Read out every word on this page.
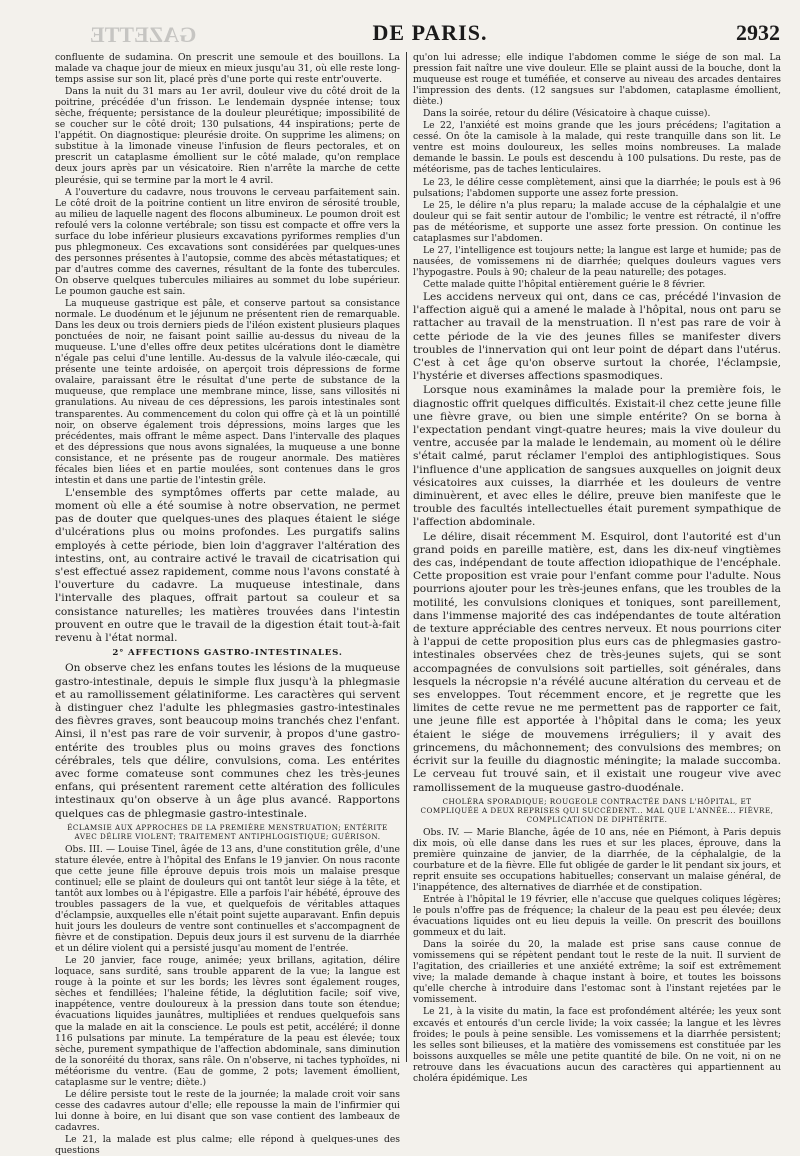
GAZETTE	DE PARIS.	2932

confluente de sudamina. On prescrit une semoule et des bouillons. La malade va chaque jour de mieux en mieux jusqu'au 31, où elle reste long-temps assise sur son lit, placé près d'une porte qui reste entr'ouverte.

Dans la nuit du 31 mars au 1er avril, douleur vive du côté droit de la poitrine, précédée d'un frisson. Le lendemain dyspnée intense; toux sèche, fréquente; persistance de la douleur pleurétique; impossibilité de se coucher sur le côté droit; 130 pulsations, 44 inspirations; perte de l'appétit. On diagnostique: pleurésie droite. On supprime les alimens; on substitue à la limonade vineuse l'infusion de fleurs pectorales, et on prescrit un cataplasme émollient sur le côté malade, qu'on remplace deux jours après par un vésicatoire. Rien n'arrête la marche de cette pleurésie, qui se termine par la mort le 4 avril.

A l'ouverture du cadavre, nous trouvons le cerveau parfaitement sain. Le côté droit de la poitrine contient un litre environ de sérosité trouble, au milieu de laquelle nagent des flocons albumineux. Le poumon droit est refoulé vers la colonne vertébrale; son tissu est compacte et offre vers la surface du lobe inférieur plusieurs excavations pyriformes remplies d'un pus phlegmoneux. Ces excavations sont considérées par quelques-unes des personnes présentes à l'autopsie, comme des abcès métastatiques; et par d'autres comme des cavernes, résultant de la fonte des tubercules. On observe quelques tubercules miliaires au sommet du lobe supérieur. Le poumon gauche est sain.

La muqueuse gastrique est pâle, et conserve partout sa consistance normale. Le duodénum et le jéjunum ne présentent rien de remarquable. Dans les deux ou trois derniers pieds de l'iléon existent plusieurs plaques ponctuées de noir, ne faisant point saillie au-dessus du niveau de la muqueuse. L'une d'elles offre deux petites ulcérations dont le diamètre n'égale pas celui d'une lentille. Au-dessus de la valvule iléo-cæcale, qui présente une teinte ardoisée, on aperçoit trois dépressions de forme ovalaire, paraissant être le résultat d'une perte de substance de la muqueuse, que remplace une membrane mince, lisse, sans villosités ni granulations. Au niveau de ces dépressions, les parois intestinales sont transparentes. Au commencement du colon qui offre çà et là un pointillé noir, on observe également trois dépressions, moins larges que les précédentes, mais offrant le même aspect. Dans l'intervalle des plaques et des dépressions que nous avons signalées, la muqueuse a une bonne consistance, et ne présente pas de rougeur anormale. Des matières fécales bien liées et en partie moulées, sont contenues dans le gros intestin et dans une partie de l'intestin grêle.

L'ensemble des symptômes offerts par cette malade, au moment où elle a été soumise à notre observation, ne permet pas de douter que quelques-unes des plaques étaient le siége d'ulcérations plus ou moins profondes. Les purgatifs salins employés à cette période, bien loin d'aggraver l'altération des intestins, ont, au contraire activé le travail de cicatrisation qui s'est effectué assez rapidement, comme nous l'avons constaté à l'ouverture du cadavre. La muqueuse intestinale, dans l'intervalle des plaques, offrait partout sa couleur et sa consistance naturelles; les matières trouvées dans l'intestin prouvent en outre que le travail de la digestion était tout-à-fait revenu à l'état normal.

2° AFFECTIONS GASTRO-INTESTINALES.

On observe chez les enfans toutes les lésions de la muqueuse gastro-intestinale, depuis le simple flux jusqu'à la phlegmasie et au ramollissement gélatiniforme. Les caractères qui servent à distinguer chez l'adulte les phlegmasies gastro-intestinales des fièvres graves, sont beaucoup moins tranchés chez l'enfant. Ainsi, il n'est pas rare de voir survenir, à propos d'une gastro-entérite des troubles plus ou moins graves des fonctions cérébrales, tels que délire, convulsions, coma. Les entérites avec forme comateuse sont communes chez les très-jeunes enfans, qui présentent rarement cette altération des follicules intestinaux qu'on observe à un âge plus avancé. Rapportons quelques cas de phlegmasie gastro-intestinale.

ÉCLAMSIE AUX APPROCHES DE LA PREMIÈRE MENSTRUATION; ENTÉRITE AVEC DÉLIRE VIOLENT; TRAITEMENT ANTIPHLOGISTIQUE; GUÉRISON.

Obs. III. — Louise Tinel, âgée de 13 ans, d'une constitution grêle, d'une stature élevée, entre à l'hôpital des Enfans le 19 janvier. On nous raconte que cette jeune fille éprouve depuis trois mois un malaise presque continuel; elle se plaint de douleurs qui ont tantôt leur siége à la tête, et tantôt aux lombes ou à l'épigastre. Elle a parfois l'air hébété, éprouve des troubles passagers de la vue, et quelquefois de véritables attaques d'éclampsie, auxquelles elle n'était point sujette auparavant. Enfin depuis huit jours les douleurs de ventre sont continuelles et s'accompagnent de fièvre et de constipation. Depuis deux jours il est survenu de la diarrhée et un délire violent qui a persisté jusqu'au moment de l'entrée.

Le 20 janvier, face rouge, animée; yeux brillans, agitation, délire loquace, sans surdité, sans trouble apparent de la vue; la langue est rouge à la pointe et sur les bords; les lèvres sont également rouges, sèches et fendillées; l'haleine fétide, la déglutition facile; soif vive, inappétence, ventre douloureux à la pression dans toute son étendue; évacuations liquides jaunâtres, multipliées et rendues quelquefois sans que la malade en ait la conscience. Le pouls est petit, accéléré; il donne 116 pulsations par minute. La température de la peau est élevée; toux sèche, purement sympathique de l'affection abdominale, sans diminution de la sonoréité du thorax, sans râle. On n'observe, ni taches typhoïdes, ni météorisme du ventre. (Eau de gomme, 2 pots; lavement émollient, cataplasme sur le ventre; diète.)

Le délire persiste tout le reste de la journée; la malade croit voir sans cesse des cadavres autour d'elle; elle repousse la main de l'infirmier qui lui donne à boire, en lui disant que son vase contient des lambeaux de cadavres.

Le 21, la malade est plus calme; elle répond à quelques-unes des questions

qu'on lui adresse; elle indique l'abdomen comme le siége de son mal. La pression fait naître une vive douleur. Elle se plaint aussi de la bouche, dont la muqueuse est rouge et tuméfiée, et conserve au niveau des arcades dentaires l'impression des dents. (12 sangsues sur l'abdomen, cataplasme émollient, diète.)

Dans la soirée, retour du délire (Vésicatoire à chaque cuisse).

Le 22, l'anxiété est moins grande que les jours précédens; l'agitation a cessé. On ôte la camisole à la malade, qui reste tranquille dans son lit. Le ventre est moins douloureux, les selles moins nombreuses. La malade demande le bassin. Le pouls est descendu à 100 pulsations. Du reste, pas de météorisme, pas de taches lenticulaires.

Le 23, le délire cesse complètement, ainsi que la diarrhée; le pouls est à 96 pulsations; l'abdomen supporte une assez forte pression.

Le 25, le délire n'a plus reparu; la malade accuse de la céphalalgie et une douleur qui se fait sentir autour de l'ombilic; le ventre est rétracté, il n'offre pas de météorisme, et supporte une assez forte pression. On continue les cataplasmes sur l'abdomen.

Le 27, l'intelligence est toujours nette; la langue est large et humide; pas de nausées, de vomissemens ni de diarrhée; quelques douleurs vagues vers l'hypogastre. Pouls à 90; chaleur de la peau naturelle; des potages.

Cette malade quitte l'hôpital entièrement guérie le 8 février.

Les accidens nerveux qui ont, dans ce cas, précédé l'invasion de l'affection aiguë qui a amené le malade à l'hôpital, nous ont paru se rattacher au travail de la menstruation. Il n'est pas rare de voir à cette période de la vie des jeunes filles se manifester divers troubles de l'innervation qui ont leur point de départ dans l'utérus. C'est à cet âge qu'on observe surtout la chorée, l'éclampsie, l'hystérie et diverses affections spasmodiques.

Lorsque nous examinâmes la malade pour la première fois, le diagnostic offrit quelques difficultés. Existait-il chez cette jeune fille une fièvre grave, ou bien une simple entérite? On se borna à l'expectation pendant vingt-quatre heures; mais la vive douleur du ventre, accusée par la malade le lendemain, au moment où le délire s'était calmé, parut réclamer l'emploi des antiphlogistiques. Sous l'influence d'une application de sangsues auxquelles on joignit deux vésicatoires aux cuisses, la diarrhée et les douleurs de ventre diminuèrent, et avec elles le délire, preuve bien manifeste que le trouble des facultés intellectuelles était purement sympathique de l'affection abdominale.

Le délire, disait récemment M. Esquirol, dont l'autorité est d'un grand poids en pareille matière, est, dans les dix-neuf vingtièmes des cas, indépendant de toute affection idiopathique de l'encéphale. Cette proposition est vraie pour l'enfant comme pour l'adulte. Nous pourrions ajouter pour les très-jeunes enfans, que les troubles de la motilité, les convulsions cloniques et toniques, sont pareillement, dans l'immense majorité des cas indépendantes de toute altération de texture appréciable des centres nerveux. Et nous pourrions citer à l'appui de cette proposition plus eurs cas de phlegmasies gastro-intestinales observées chez de très-jeunes sujets, qui se sont accompagnées de convulsions soit partielles, soit générales, dans lesquels la nécropsie n'a révélé aucune altération du cerveau et de ses enveloppes. Tout récemment encore, et je regrette que les limites de cette revue ne me permettent pas de rapporter ce fait, une jeune fille est apportée à l'hôpital dans le coma; les yeux étaient le siége de mouvemens irréguliers; il y avait des grincemens, du mâchonnement; des convulsions des membres; on écrivit sur la feuille du diagnostic méningite; la malade succomba. Le cerveau fut trouvé sain, et il existait une rougeur vive avec ramollissement de la muqueuse gastro-duodénale.

CHOLÉRA SPORADIQUE; ROUGEOLE CONTRACTÉE DANS L'HÔPITAL, ET COMPLIQUÉE A DEUX REPRISES QUI SUCCÉDENT... MAL QUE L'ANNÉE... FIÈVRE, COMPLICATION DE DIPHTÉRITE.

Obs. IV. — Marie Blanche, âgée de 10 ans, née en Piémont, à Paris depuis dix mois, où elle danse dans les rues et sur les places, éprouve, dans la première quinzaine de janvier, de la diarrhée, de la céphalalgie, de la courbature et de la fièvre. Elle fut obligée de garder le lit pendant six jours, et reprit ensuite ses occupations habituelles; conservant un malaise général, de l'inappétence, des alternatives de diarrhée et de constipation.

Entrée à l'hôpital le 19 février, elle n'accuse que quelques coliques légères; le pouls n'offre pas de fréquence; la chaleur de la peau est peu élevée; deux évacuations liquides ont eu lieu depuis la veille. On prescrit des bouillons gommeux et du lait.

Dans la soirée du 20, la malade est prise sans cause connue de vomissemens qui se répètent pendant tout le reste de la nuit. Il survient de l'agitation, des criailleries et une anxiété extrême; la soif est extrêmement vive; la malade demande à chaque instant à boire, et toutes les boissons qu'elle cherche à introduire dans l'estomac sont à l'instant rejetées par le vomissement.

Le 21, à la visite du matin, la face est profondément altérée; les yeux sont excavés et entourés d'un cercle livide; la voix cassée; la langue et les lèvres froides; le pouls à peine sensible. Les vomissemens et la diarrhée persistent; les selles sont bilieuses, et la matière des vomissemens est constituée par les boissons auxquelles se mêle une petite quantité de bile. On ne voit, ni on ne retrouve dans les évacuations aucun des caractères qui appartiennent au choléra épidémique. Les
